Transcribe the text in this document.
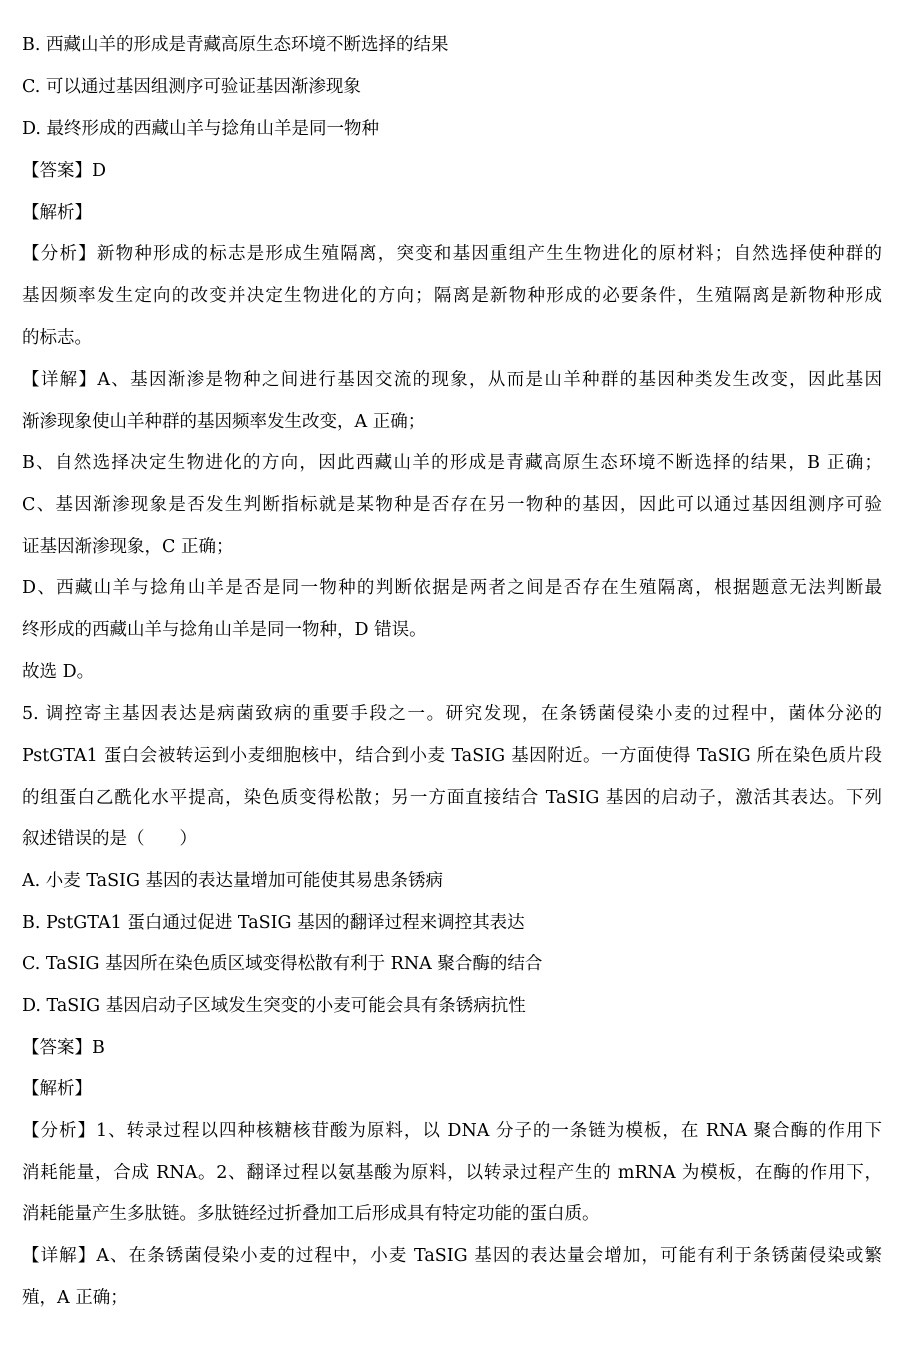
B. 西藏山羊的形成是青藏高原生态环境不断选择的结果
C. 可以通过基因组测序可验证基因渐渗现象
D. 最终形成的西藏山羊与捻角山羊是同一物种
【答案】D
【解析】
【分析】新物种形成的标志是形成生殖隔离，突变和基因重组产生生物进化的原材料；自然选择使种群的
基因频率发生定向的改变并决定生物进化的方向；隔离是新物种形成的必要条件，生殖隔离是新物种形成
的标志。
【详解】A、基因渐渗是物种之间进行基因交流的现象，从而是山羊种群的基因种类发生改变，因此基因
渐渗现象使山羊种群的基因频率发生改变，A 正确；
B、自然选择决定生物进化的方向，因此西藏山羊的形成是青藏高原生态环境不断选择的结果，B 正确；
C、基因渐渗现象是否发生判断指标就是某物种是否存在另一物种的基因，因此可以通过基因组测序可验
证基因渐渗现象，C 正确；
D、西藏山羊与捻角山羊是否是同一物种的判断依据是两者之间是否存在生殖隔离，根据题意无法判断最
终形成的西藏山羊与捻角山羊是同一物种，D 错误。
故选 D。
5. 调控寄主基因表达是病菌致病的重要手段之一。研究发现，在条锈菌侵染小麦的过程中，菌体分泌的
PstGTA1 蛋白会被转运到小麦细胞核中，结合到小麦 TaSIG 基因附近。一方面使得 TaSIG 所在染色质片段
的组蛋白乙酰化水平提高，染色质变得松散；另一方面直接结合 TaSIG 基因的启动子，激活其表达。下列
叙述错误的是（　　）
A. 小麦 TaSIG 基因的表达量增加可能使其易患条锈病
B. PstGTA1 蛋白通过促进 TaSIG 基因的翻译过程来调控其表达
C. TaSIG 基因所在染色质区域变得松散有利于 RNA 聚合酶的结合
D. TaSIG 基因启动子区域发生突变的小麦可能会具有条锈病抗性
【答案】B
【解析】
【分析】1、转录过程以四种核糖核苷酸为原料，以 DNA 分子的一条链为模板，在 RNA 聚合酶的作用下
消耗能量，合成 RNA。2、翻译过程以氨基酸为原料，以转录过程产生的 mRNA 为模板，在酶的作用下，
消耗能量产生多肽链。多肽链经过折叠加工后形成具有特定功能的蛋白质。
【详解】A、在条锈菌侵染小麦的过程中，小麦 TaSIG 基因的表达量会增加，可能有利于条锈菌侵染或繁
殖，A 正确；
